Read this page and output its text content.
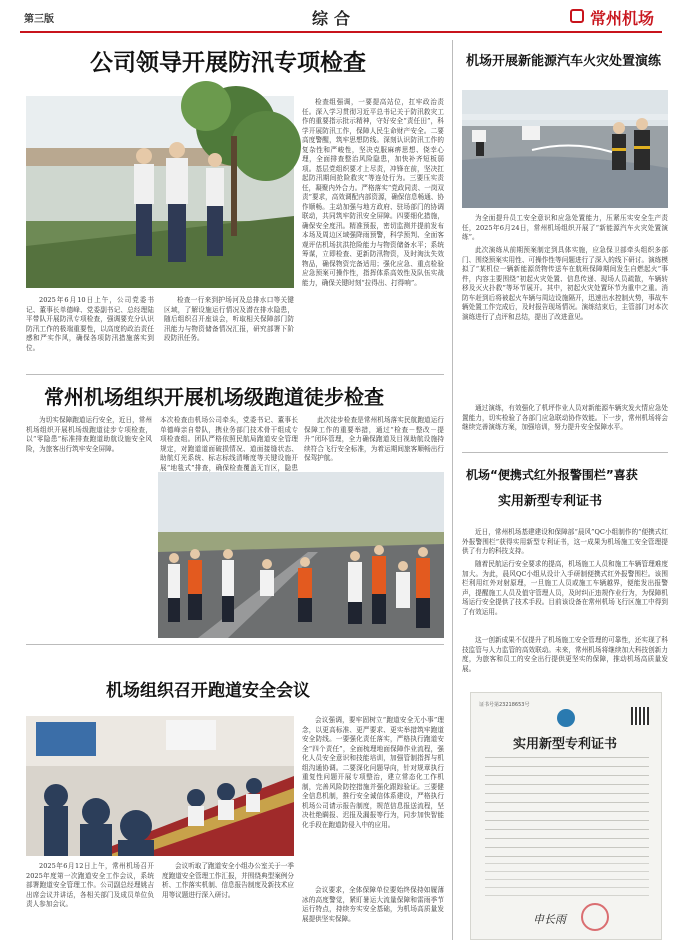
第三版	综合	常州机场
公司领导开展防汛专项检查
2025年6月10日上午，公司党委书记、董事长单德峰、党委副书记、总经理陆平带队开展防汛专项检查，强调要充分认识防汛工作的极端重要性，以高度的政治责任感和严实作风，确保各项防汛措施落实到位。
检查一行来到护场河及总排水口等关键区域，了解设施运行情况及潜在排水隐患，随后组织召开座谈会，听取相关保障部门防汛能力与物资储备情况汇报，研究部署下阶段防汛任务。
检查组强调，一要提高站位，扛牢政治责任。深入学习贯彻习近平总书记关于防汛救灾工作的重要指示批示精神，守好安全“责任田”，科学开展防汛工作，保障人民生命财产安全。二要高度警醒，筑牢思想防线。深刻认识防汛工作的复杂性和严峻性，坚决克服麻痹思想、侥幸心理，全面排查整治风险隐患，加快补齐短板弱项。基层党组织要才上尽责，冲锋在前，坚决扛起防汛期间抢险救灾“等连处行为。三要压实责任，凝聚内外合力。严格落实“党政同责、一岗双责”要求，高效调配内部资源，确保信息畅通、协作顺畅。主动加强与地方政府、驻场部门的协调联动，共同筑牢防汛安全屏障。四要细化措施，确保安全度汛。精准预报，密切监测并提前发布本场及周边区域强降雨预警，科学预判、全面客观评估机场抗洪抢险能力与物资储备水平；系统筹谋，立即检查、更新防汛物资，及时淘汰失效物品，确保物资完备适用；强化应急、重点检验应急预案可操作性，指挥体系高效性及队伍实战能力，确保关键时刻“拉得出、打得响”。
常州机场组织开展机场级跑道徒步检查
为切实保障跑道运行安全，近日，常州机场组织开展机场级跑道徒步专项检查，以“零隐患”标准排查跑道助航设施安全风险，为旅客出行筑牢安全屏障。
本次检查由机场公司牵头，党委书记、董事长单德峰亲自带队，携业务部门技术骨干组成专项检查组。团队严格依照民航局跑道安全管理规定，对跑道道面破损情况、道面接缝状态、助航灯光系统、标志标线清晰度等关键设施开展“地毯式”排查，确保检查覆盖无盲区，隐患
此次徒步检查是常州机场落实民航跑道运行保障工作的重要举措，通过“检查－整改－提升”闭环管理，全力确保跑道及目视助航设施持续符合飞行安全标准，为着运期间旅客顺畅出行保驾护航。
机场组织召开跑道安全会议
2025年6月12日上午，常州机场召开2025年度第一次跑道安全工作会议，系统部署跑道安全管理工作。公司副总经理姚吉出席会议并讲话，各相关部门及成员单位负责人参加会议。
会议听取了跑道安全小组办公室关于一季度跑道安全管理工作汇报，并围绕典型案例分析、工作落实机制、信息报告制度及新技术应用等议题进行深入研讨。
会议强调，要牢固树立“跑道安全无小事”理念，以更高标准、更严要求、更实举措筑牢跑道安全防线。一要强化责任落实，严格执行跑道安全“四个责任”，全面梳理地面保障作业流程，强化人员安全意识和技能培训，加强管制指挥与机组沟通协调。二要深化问题导向，针对规章执行重复性问题开展专项整治，建立常态化工作机制，完善风险防控措施并强化跟踪验证。三要健全信息机制，推行安全诚信体系建设，严格执行机场公司请示报告制度，规范信息报送流程，坚决杜绝瞒报、迟报及漏报等行为，同步加快智能化手段在跑道防侵入中的应用。
会议要求，全体保障单位要始终保持如履薄冰的高度警觉，紧盯暑运大流量保障和雷雨季节运行特点，持续夯实安全基础，为机场高质量发展提供坚实保障。
机场开展新能源汽车火灾处置演练
为全面提升员工安全意识和应急处置能力，压紧压实安全生产责任，2025年6月24日，常州机场组织开展了“新能源汽车火灾处置演练”。
此次演练从前期预案制定到具体实施，应急保卫部牵头组织多部门、围绕预案实用性、可操作性等问题进行了深入的线下研讨。演练模拟了“某机位一辆新能源货物传送车在航班保障期间发生自燃起火”事件，内容主要围绕“初起火灾处置、信息传递、现场人员疏散，车辆转移及灭火扑救”等环节展开。其中，初起火灾处置环节为重中之重。消防车赶到后将被起火车辆与周边设施隔开，迅速出水控制火势，事故车辆处置工作完成后，及时报告现场情况。演练结束后，主管部门对本次演练进行了点评和总结，提出了改进意见。
通过演练，有效强化了机坪作业人员对新能源车辆灾发火情应急处置能力，切实检验了各部门应急联动协作效能。下一步，常州机场将会继续完善演练方案，加强培训，努力提升安全保障水平。
机场“便携式红外报警围栏”喜获
实用新型专利证书
近日，常州机场基建建设和保障部“晨风”QC小组制作的“便携式红外报警围栏”获得实用新型专利证书，这一成果为机场施工安全管理提供了有力的科技支持。
随着民航运行安全要求的提高，机场施工人员和施工车辆管理难度加大。为此，晨风QC小组从设计入手研制便携式红外报警围栏。该围栏利用红外对射原理，一旦施工人员或施工车辆越界，便能发出报警声，提醒施工人员及值守管理人员，及时纠正违规作业行为，为保障机场运行安全提供了技术手段。目前该设备在常州机场飞行区施工中得到了有效运用。
这一创新成果不仅提升了机场施工安全管理的可靠性，还实现了科技监管与人力监管的高效联动。未来，常州机场将继续加大科技创新力度，为旅客和员工的安全出行提供更坚实的保障，推动机场高质量发展。
证书号第23218653号
实用新型专利证书
申长雨
